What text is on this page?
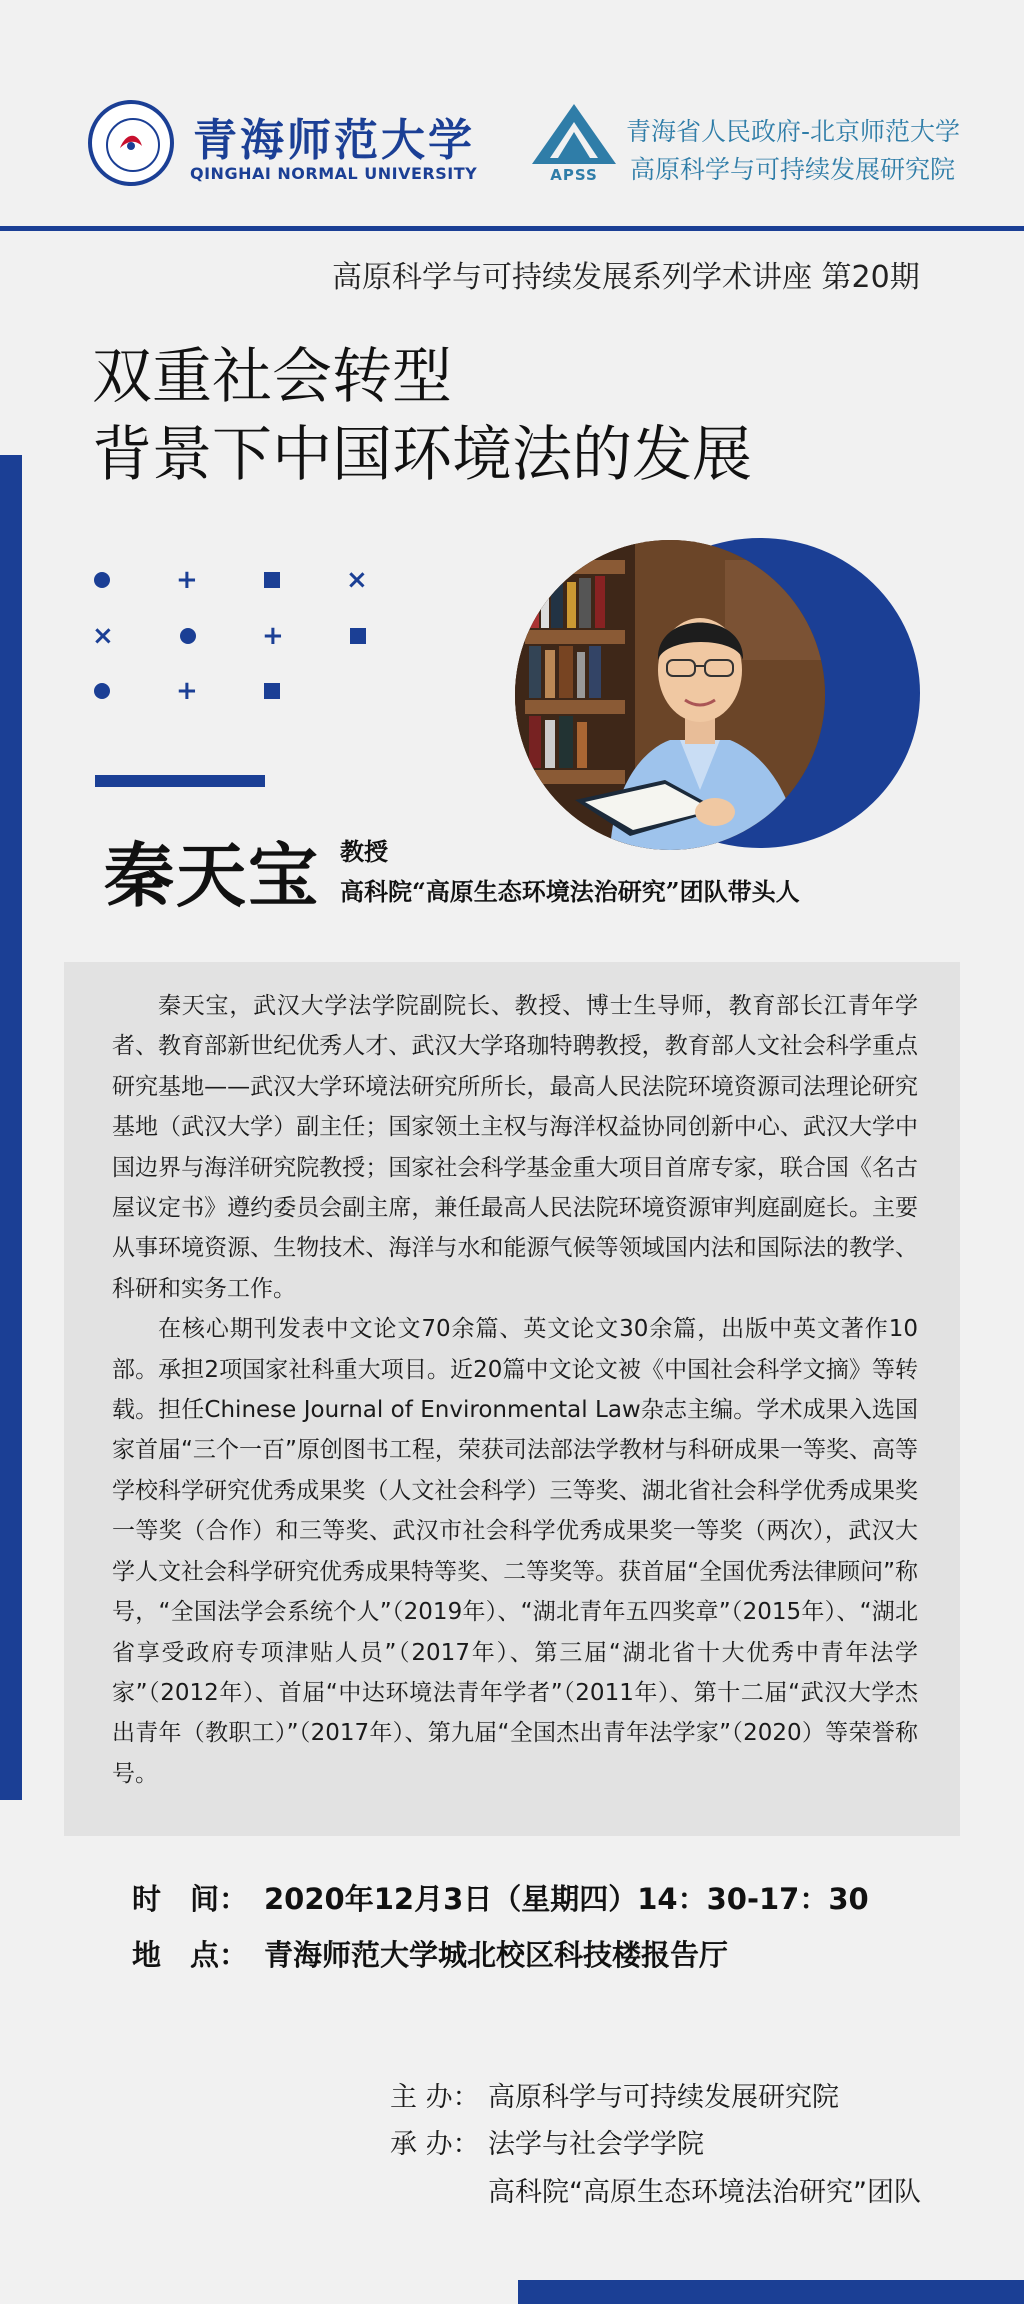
青海师范大学
QINGHAI NORMAL UNIVERSITY	APSS
青海省人民政府-北京师范大学
高原科学与可持续发展研究院
高原科学与可持续发展系列学术讲座 第20期
双重社会转型
背景下中国环境法的发展
+	×
×	+
+
秦天宝 教授
高科院“高原生态环境法治研究”团队带头人

秦天宝，武汉大学法学院副院长、教授、博士生导师，教育部长江青年学者、教育部新世纪优秀人才、武汉大学珞珈特聘教授，教育部人文社会科学重点研究基地——武汉大学环境法研究所所长，最高人民法院环境资源司法理论研究基地（武汉大学）副主任；国家领土主权与海洋权益协同创新中心、武汉大学中国边界与海洋研究院教授；国家社会科学基金重大项目首席专家，联合国《名古屋议定书》遵约委员会副主席，兼任最高人民法院环境资源审判庭副庭长。主要从事环境资源、生物技术、海洋与水和能源气候等领域国内法和国际法的教学、科研和实务工作。

在核心期刊发表中文论文70余篇、英文论文30余篇，出版中英文著作10部。承担2项国家社科重大项目。近20篇中文论文被《中国社会科学文摘》等转载。担任Chinese Journal of Environmental Law杂志主编。学术成果入选国家首届“三个一百”原创图书工程，荣获司法部法学教材与科研成果一等奖、高等学校科学研究优秀成果奖（人文社会科学）三等奖、湖北省社会科学优秀成果奖一等奖（合作）和三等奖、武汉市社会科学优秀成果奖一等奖（两次），武汉大学人文社会科学研究优秀成果特等奖、二等奖等。获首届“全国优秀法律顾问”称号，“全国法学会系统个人”（2019年）、“湖北青年五四奖章”（2015年）、“湖北省享受政府专项津贴人员”（2017年）、第三届“湖北省十大优秀中青年法学家”（2012年）、首届“中达环境法青年学者”（2011年）、第十二届“武汉大学杰出青年（教职工）”（2017年）、第九届“全国杰出青年法学家”（2020）等荣誉称号。

时　间： 2020年12月3日（星期四）14：30-17：30
地　点： 青海师范大学城北校区科技楼报告厅
主 办： 高原科学与可持续发展研究院
承 办： 法学与社会学学院
高科院“高原生态环境法治研究”团队
